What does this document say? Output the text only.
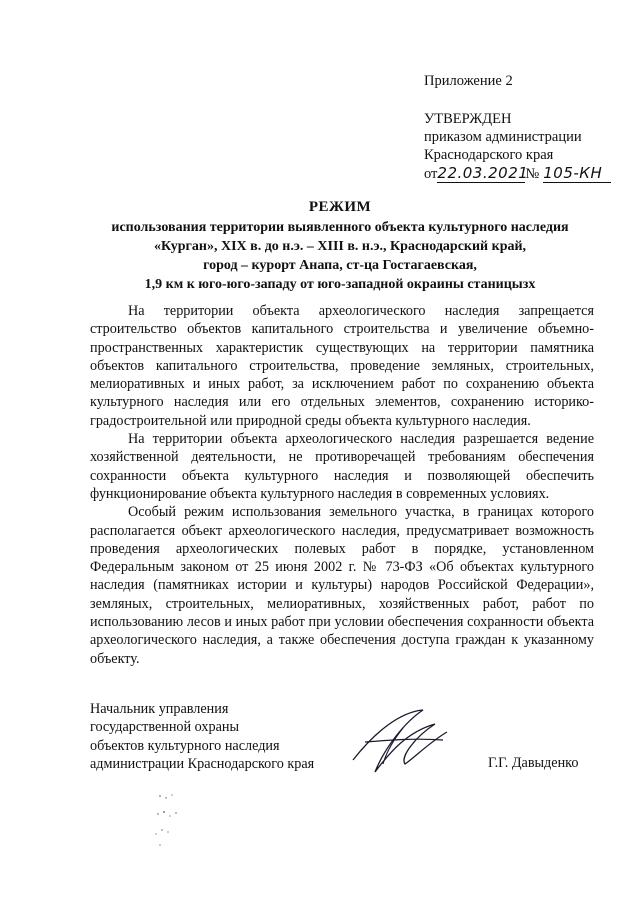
Приложение 2
УТВЕРЖДЕН
приказом администрации
Краснодарского края
от22.03.2021№ 105-КН
РЕЖИМ
использования территории выявленного объекта культурного наследия
«Курган», XIX в. до н.э. – XIII в. н.э., Краснодарский край,
город – курорт Анапа, ст-ца Гостагаевская,
1,9 км к юго-юго-западу от юго-западной окраины станицызх

На территории объекта археологического наследия запрещается строительство объектов капитального строительства и увеличение объемно-пространственных характеристик существующих на территории памятника объектов капитального строительства, проведение земляных, строительных, мелиоративных и иных работ, за исключением работ по сохранению объекта культурного наследия или его отдельных элементов, сохранению историко-градостроительной или природной среды объекта культурного наследия.

На территории объекта археологического наследия разрешается ведение хозяйственной деятельности, не противоречащей требованиям обеспечения сохранности объекта культурного наследия и позволяющей обеспечить функционирование объекта культурного наследия в современных условиях.

Особый режим использования земельного участка, в границах которого располагается объект археологического наследия, предусматривает возможность проведения археологических полевых работ в порядке, установленном Федеральным законом от 25 июня 2002 г. № 73-ФЗ «Об объектах культурного наследия (памятниках истории и культуры) народов Российской Федерации», земляных, строительных, мелиоративных, хозяйственных работ, работ по использованию лесов и иных работ при условии обеспечения сохранности объекта археологического наследия, а также обеспечения доступа граждан к указанному объекту.

Начальник управления
государственной охраны
объектов культурного наследия
администрации Краснодарского края	Г.Г. Давыденко
